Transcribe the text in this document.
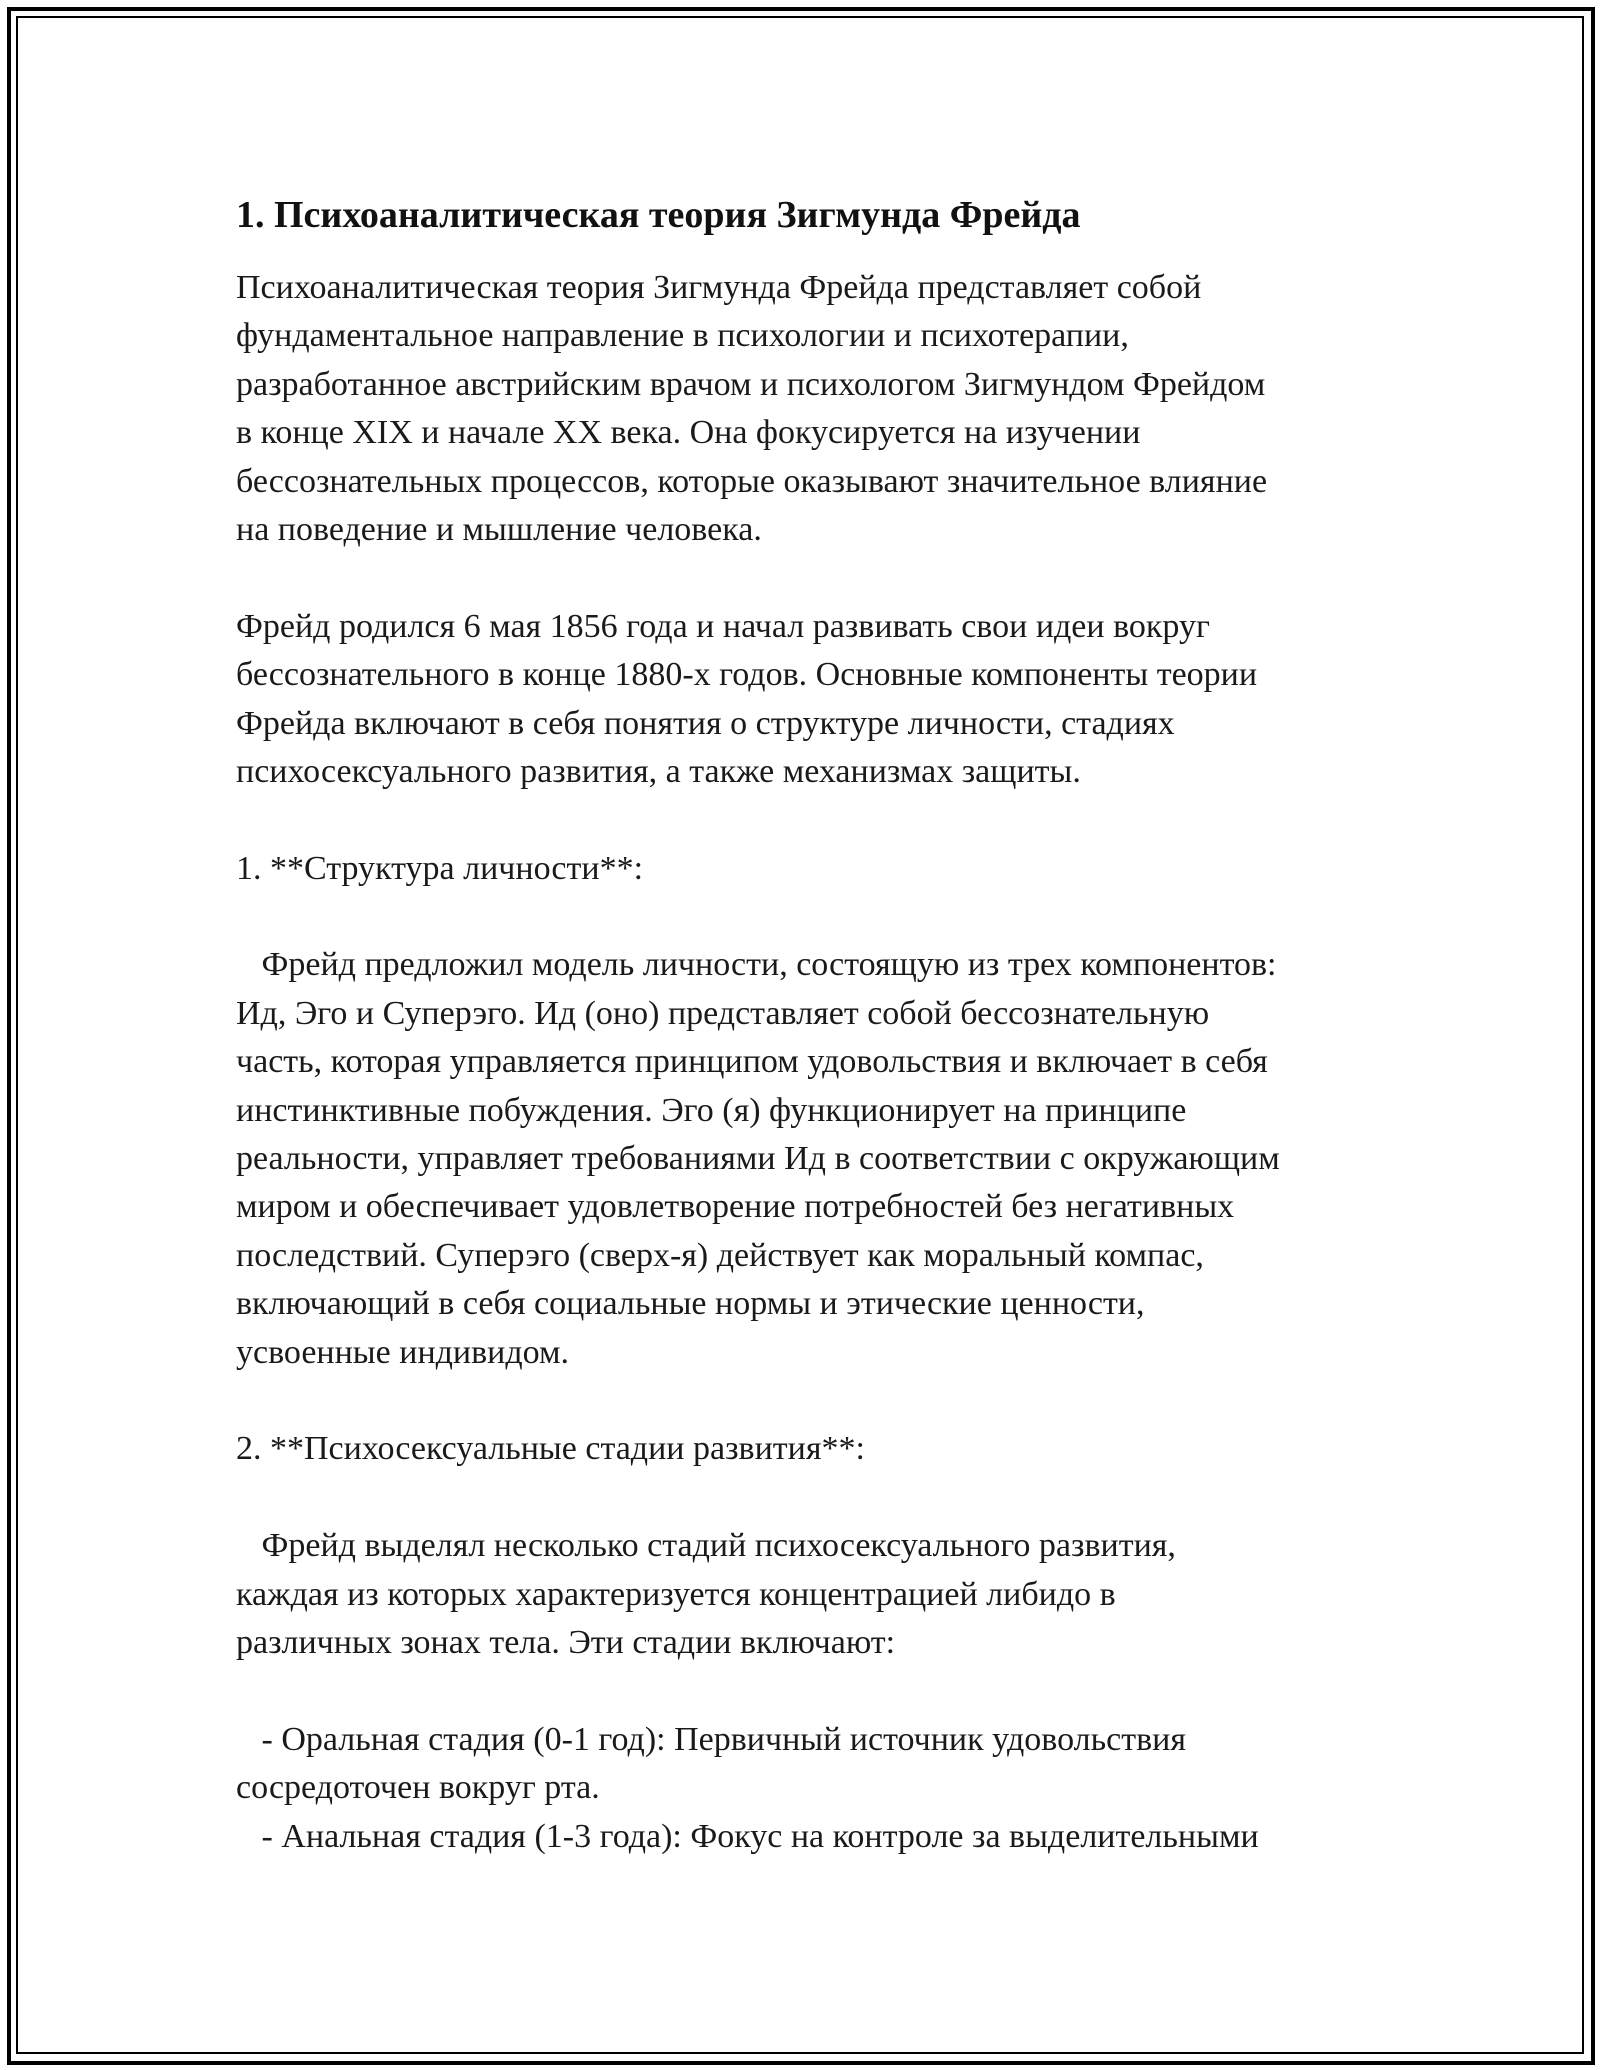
1. Психоаналитическая теория Зигмунда Фрейда
Психоаналитическая теория Зигмунда Фрейда представляет собой
фундаментальное направление в психологии и психотерапии,
разработанное австрийским врачом и психологом Зигмундом Фрейдом
в конце XIX и начале XX века. Она фокусируется на изучении
бессознательных процессов, которые оказывают значительное влияние
на поведение и мышление человека.
Фрейд родился 6 мая 1856 года и начал развивать свои идеи вокруг
бессознательного в конце 1880-х годов. Основные компоненты теории
Фрейда включают в себя понятия о структуре личности, стадиях
психосексуального развития, а также механизмах защиты.
1. **Структура личности**:
Фрейд предложил модель личности, состоящую из трех компонентов:
Ид, Эго и Суперэго. Ид (оно) представляет собой бессознательную
часть, которая управляется принципом удовольствия и включает в себя
инстинктивные побуждения. Эго (я) функционирует на принципе
реальности, управляет требованиями Ид в соответствии с окружающим
миром и обеспечивает удовлетворение потребностей без негативных
последствий. Суперэго (сверх-я) действует как моральный компас,
включающий в себя социальные нормы и этические ценности,
усвоенные индивидом.
2. **Психосексуальные стадии развития**:
Фрейд выделял несколько стадий психосексуального развития,
каждая из которых характеризуется концентрацией либидо в
различных зонах тела. Эти стадии включают:
- Оральная стадия (0-1 год): Первичный источник удовольствия
сосредоточен вокруг рта.
- Анальная стадия (1-3 года): Фокус на контроле за выделительными
